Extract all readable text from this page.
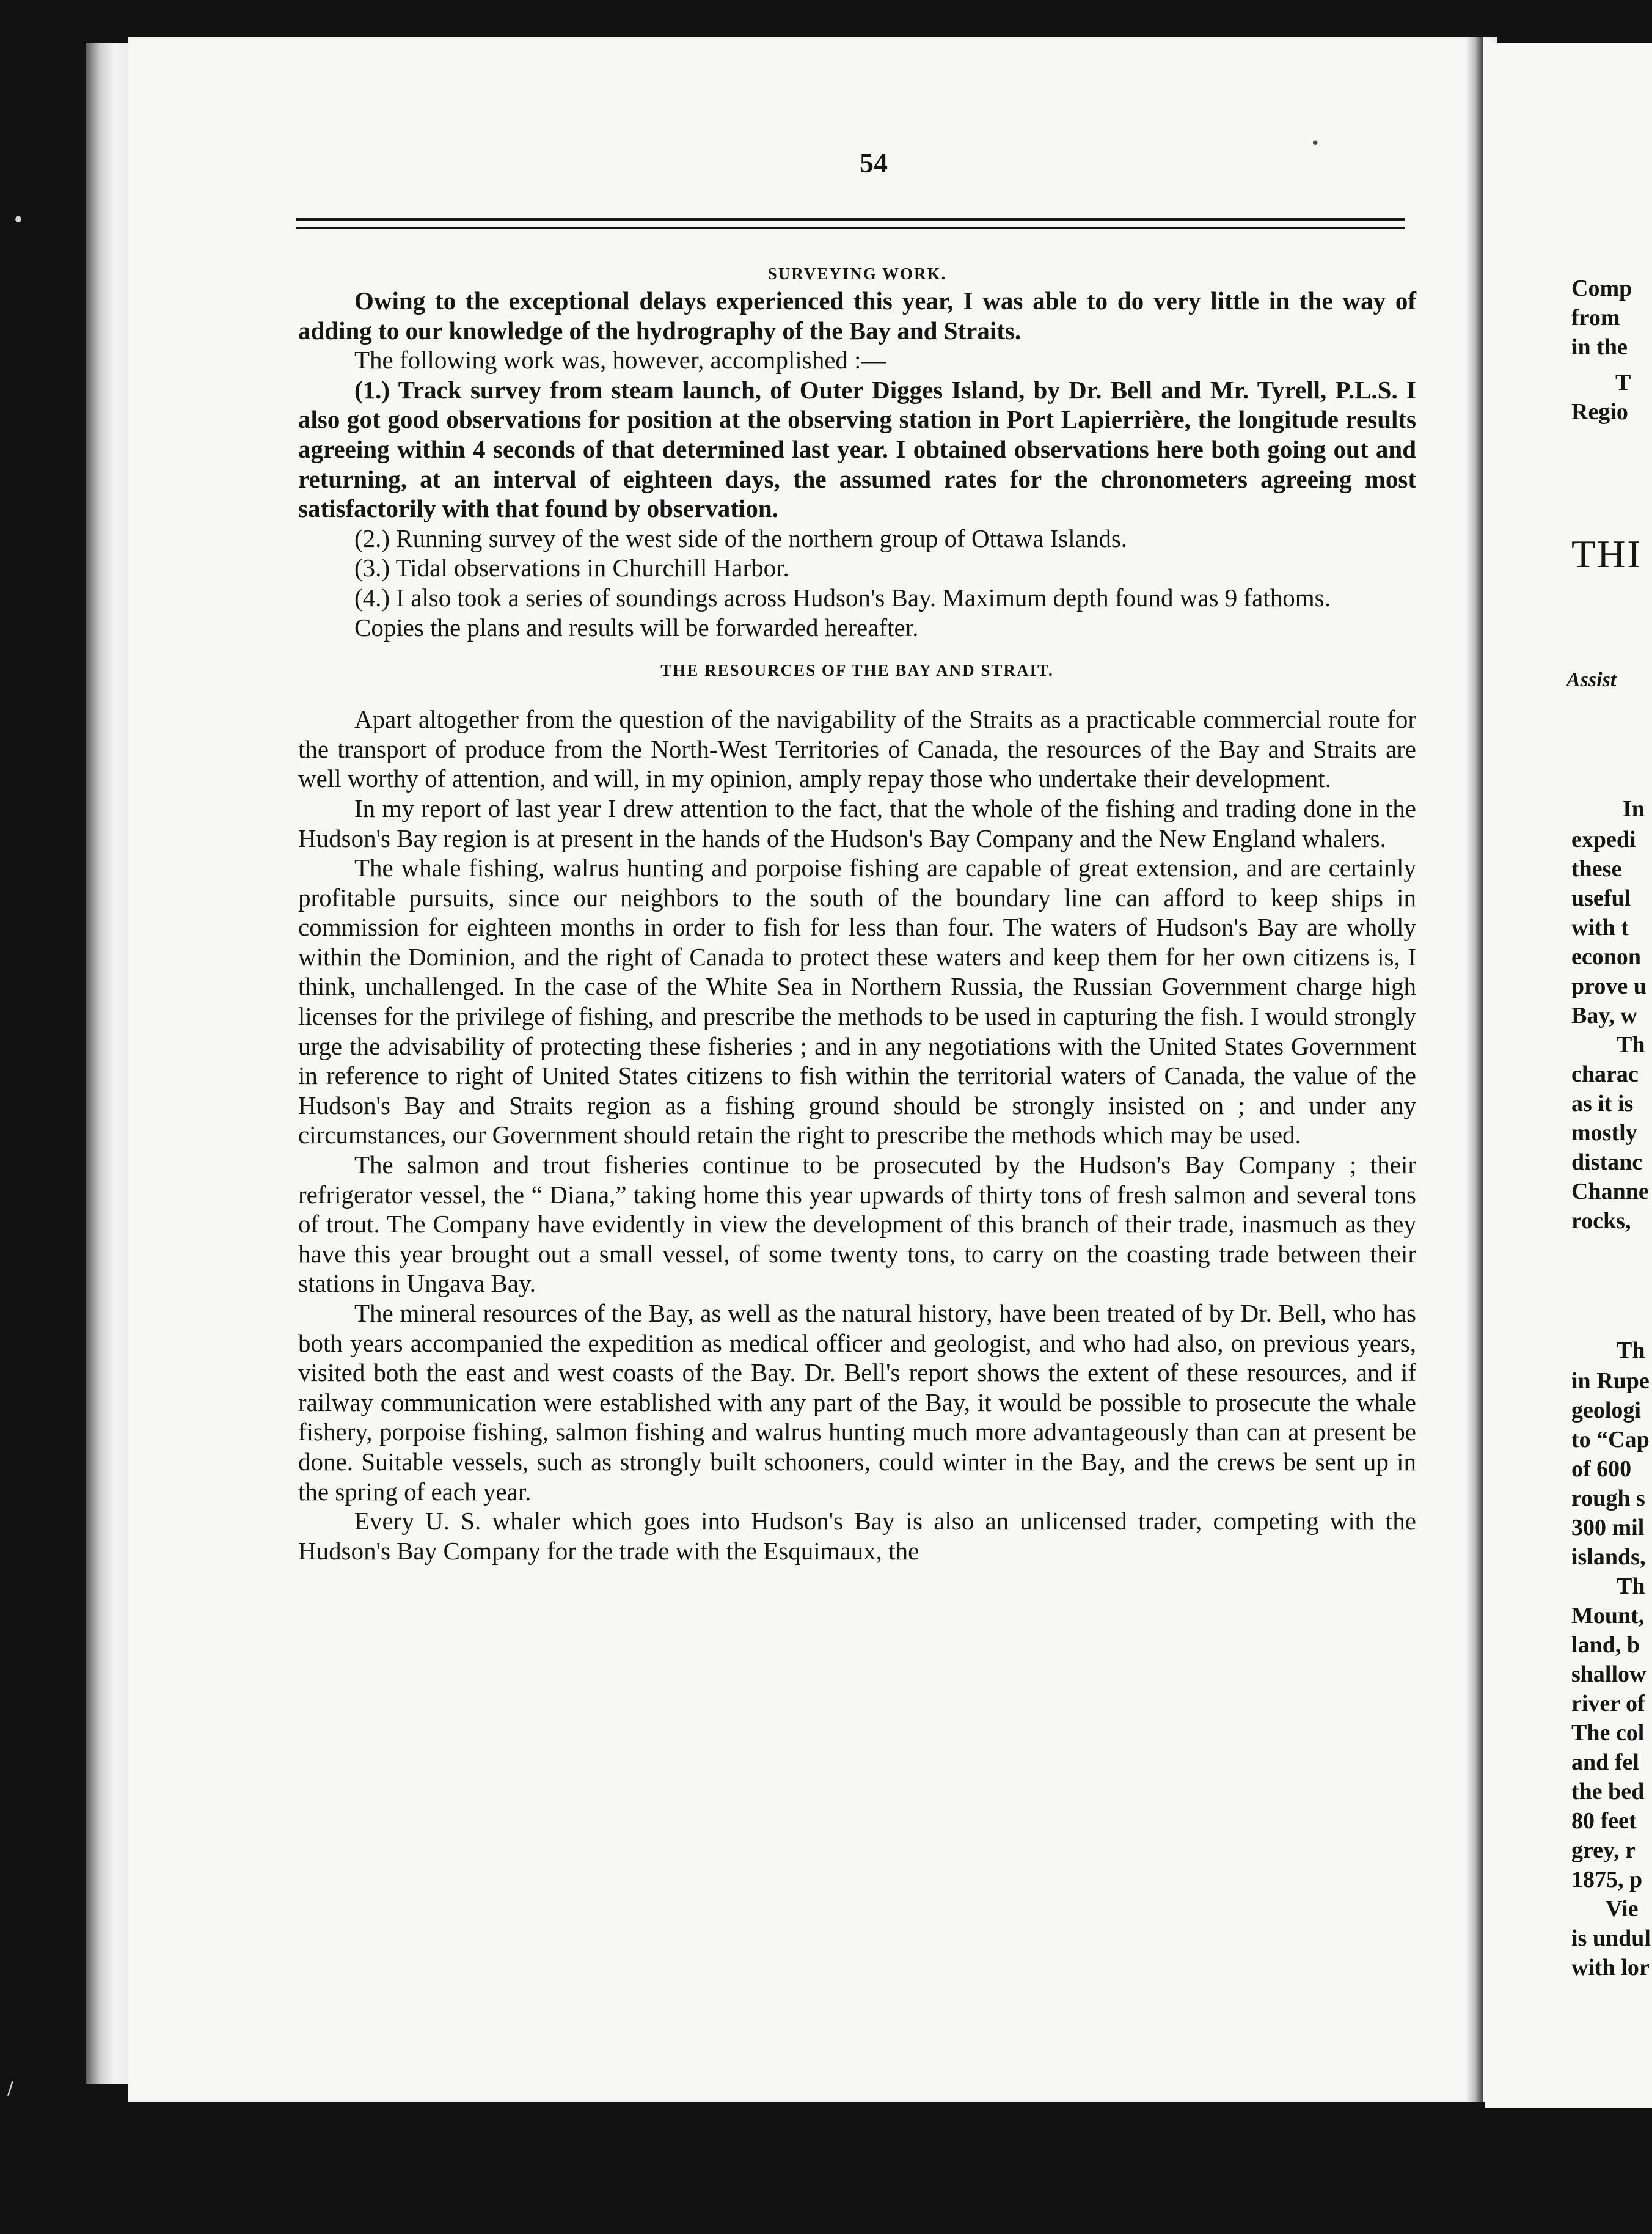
•
∕
•
54

SURVEYING WORK.

Owing to the exceptional delays experienced this year, I was able to do very little in the way of adding to our knowledge of the hydrography of the Bay and Straits.

The following work was, however, accomplished :—

(1.) Track survey from steam launch, of Outer Digges Island, by Dr. Bell and Mr. Tyrell, P.L.S. I also got good observations for position at the observing station in Port Lapierrière, the longitude results agreeing within 4 seconds of that determined last year. I obtained observations here both going out and returning, at an interval of eighteen days, the assumed rates for the chronometers agreeing most satisfactorily with that found by observation.

(2.) Running survey of the west side of the northern group of Ottawa Islands.

(3.) Tidal observations in Churchill Harbor.

(4.) I also took a series of soundings across Hudson's Bay. Maximum depth found was 9 fathoms.

Copies the plans and results will be forwarded hereafter.

THE RESOURCES OF THE BAY AND STRAIT.

Apart altogether from the question of the navigability of the Straits as a practicable commercial route for the transport of produce from the North-West Territories of Canada, the resources of the Bay and Straits are well worthy of attention, and will, in my opinion, amply repay those who undertake their development.

In my report of last year I drew attention to the fact, that the whole of the fishing and trading done in the Hudson's Bay region is at present in the hands of the Hudson's Bay Company and the New England whalers.

The whale fishing, walrus hunting and porpoise fishing are capable of great extension, and are certainly profitable pursuits, since our neighbors to the south of the boundary line can afford to keep ships in commission for eighteen months in order to fish for less than four. The waters of Hudson's Bay are wholly within the Dominion, and the right of Canada to protect these waters and keep them for her own citizens is, I think, unchallenged. In the case of the White Sea in Northern Russia, the Russian Government charge high licenses for the privilege of fishing, and prescribe the methods to be used in capturing the fish. I would strongly urge the advisability of protecting these fisheries ; and in any negotiations with the United States Government in reference to right of United States citizens to fish within the territorial waters of Canada, the value of the Hudson's Bay and Straits region as a fishing ground should be strongly insisted on ; and under any circumstances, our Government should retain the right to prescribe the methods which may be used.

The salmon and trout fisheries continue to be prosecuted by the Hudson's Bay Company ; their refrigerator vessel, the “ Diana,” taking home this year upwards of thirty tons of fresh salmon and several tons of trout. The Company have evidently in view the development of this branch of their trade, inasmuch as they have this year brought out a small vessel, of some twenty tons, to carry on the coasting trade between their stations in Ungava Bay.

The mineral resources of the Bay, as well as the natural history, have been treated of by Dr. Bell, who has both years accompanied the expedition as medical officer and geologist, and who had also, on previous years, visited both the east and west coasts of the Bay. Dr. Bell's report shows the extent of these resources, and if railway communication were established with any part of the Bay, it would be possible to prosecute the whale fishery, porpoise fishing, salmon fishing and walrus hunting much more advantageously than can at present be done. Suitable vessels, such as strongly built schooners, could winter in the Bay, and the crews be sent up in the spring of each year.

Every U. S. whaler which goes into Hudson's Bay is also an unlicensed trader, competing with the Hudson's Bay Company for the trade with the Esquimaux, the

Comp
from
in the
T
Regio
THI
Assist
In
expedi
these
useful
with t
econon
prove u
Bay, w
Th
charac
as it is
mostly
distanc
Channe
rocks,
Th
in Rupe
geologi
to “Cap
of 600
rough s
300 mil
islands,
Th
Mount,
land, b
shallow
river of
The col
and fel
the bed
80 feet
grey, r
1875, p
Vie
is undul
with lor
